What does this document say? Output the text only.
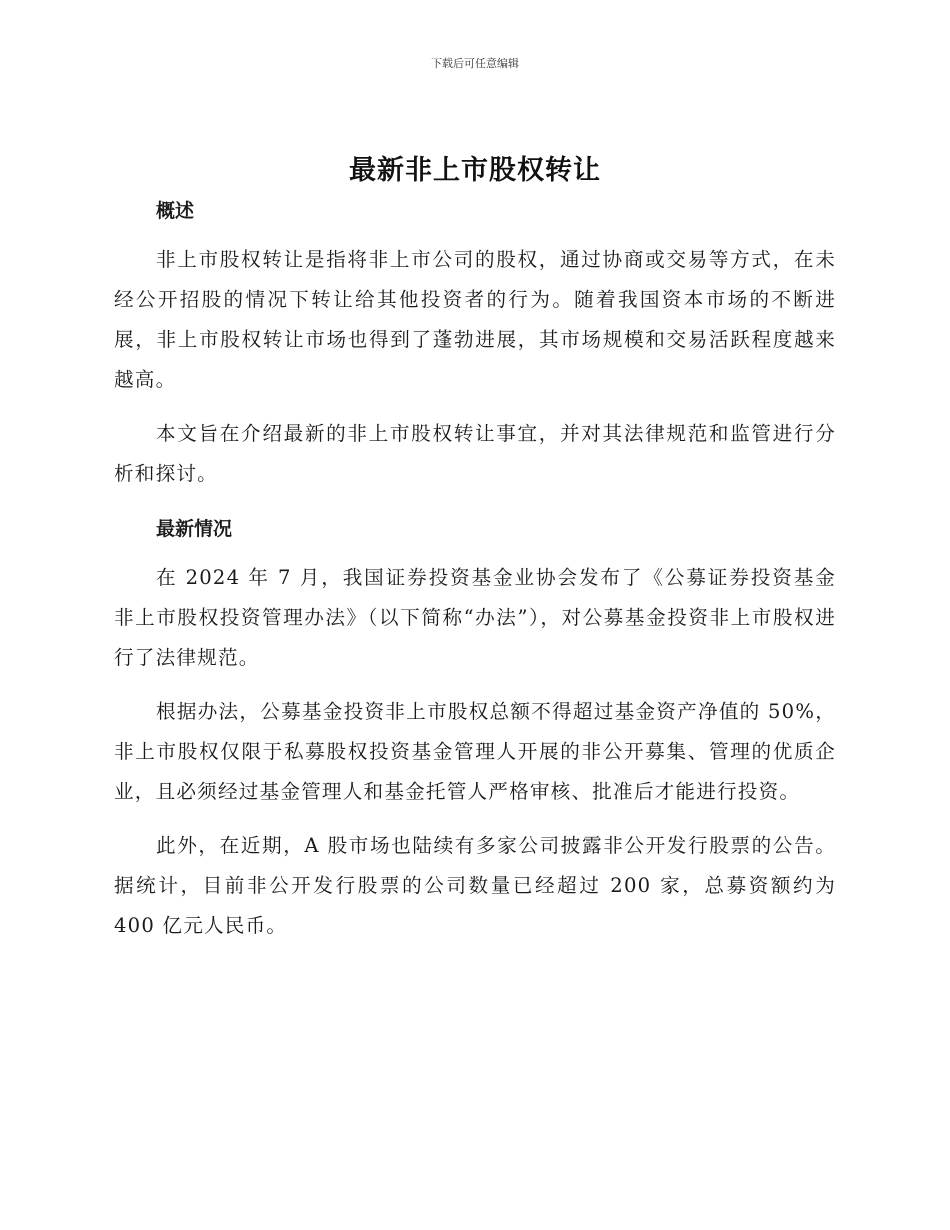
下载后可任意编辑
最新非上市股权转让

概述

非上市股权转让是指将非上市公司的股权，通过协商或交易等方式，在未经公开招股的情况下转让给其他投资者的行为。随着我国资本市场的不断进展，非上市股权转让市场也得到了蓬勃进展，其市场规模和交易活跃程度越来越高。

本文旨在介绍最新的非上市股权转让事宜，并对其法律规范和监管进行分析和探讨。

最新情况

在 2024 年 7 月，我国证券投资基金业协会发布了《公募证券投资基金非上市股权投资管理办法》（以下简称“办法”），对公募基金投资非上市股权进行了法律规范。

根据办法，公募基金投资非上市股权总额不得超过基金资产净值的 50%，非上市股权仅限于私募股权投资基金管理人开展的非公开募集、管理的优质企业，且必须经过基金管理人和基金托管人严格审核、批准后才能进行投资。

此外，在近期，A 股市场也陆续有多家公司披露非公开发行股票的公告。据统计，目前非公开发行股票的公司数量已经超过 200 家，总募资额约为 400 亿元人民币。
